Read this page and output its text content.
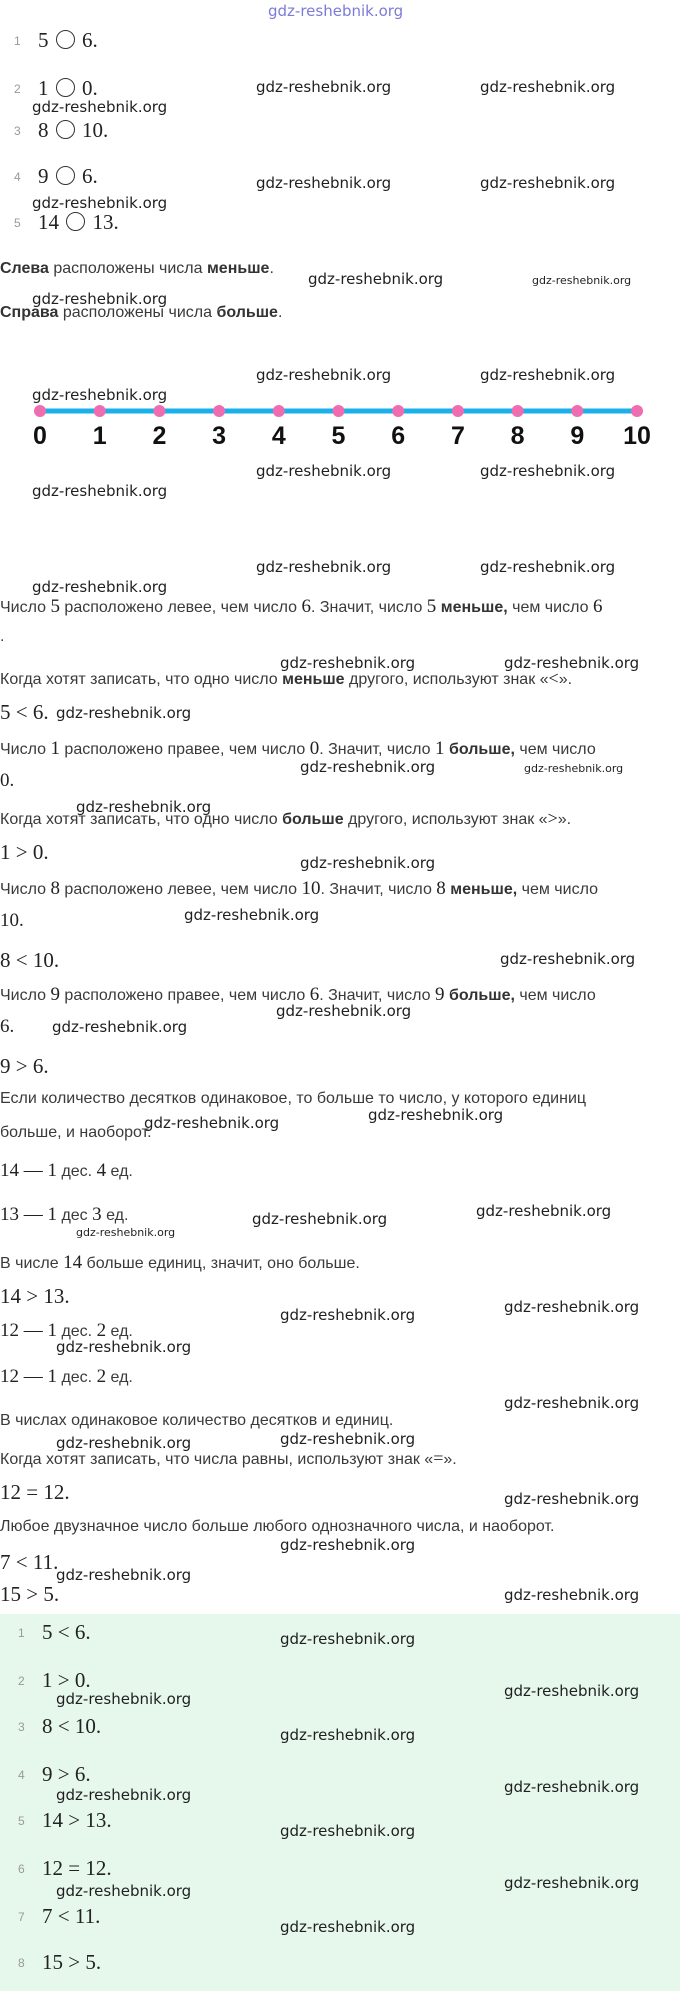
gdz-reshebnik.org
1 5 6.
2 1 0.
3 8 10.
4 9 6.
5 14 13.
Слева расположены числа меньше.
Справа расположены числа больше.
0 1 2 3 4 5 6 7 8 9 10
Число 5 расположено левее, чем число 6. Значит, число 5 меньше, чем число 6
.
Когда хотят записать, что одно число меньше другого, используют знак «<».
5 < 6.
Число 1 расположено правее, чем число 0. Значит, число 1 больше, чем число
0.
Когда хотят записать, что одно число больше другого, используют знак «>».
1 > 0.
Число 8 расположено левее, чем число 10. Значит, число 8 меньше, чем число
10.
8 < 10.
Число 9 расположено правее, чем число 6. Значит, число 9 больше, чем число
6.
9 > 6.
Если количество десятков одинаковое, то больше то число, у которого единиц
больше, и наоборот.
14 — 1 дес. 4 ед.
13 — 1 дес 3 ед.
В числе 14 больше единиц, значит, оно больше.
14 > 13.
12 — 1 дес. 2 ед.
12 — 1 дес. 2 ед.
В числах одинаковое количество десятков и единиц.
Когда хотят записать, что числа равны, используют знак «=».
12 = 12.
Любое двузначное число больше любого однозначного числа, и наоборот.
7 < 11.
15 > 5.
1 5 < 6.
2 1 > 0.
3 8 < 10.
4 9 > 6.
5 14 > 13.
6 12 = 12.
7 7 < 11.
8 15 > 5.
gdz-reshebnik.org	gdz-reshebnik.org
gdz-reshebnik.org
gdz-reshebnik.org	gdz-reshebnik.org
gdz-reshebnik.org
gdz-reshebnik.org	gdz-reshebnik.org
gdz-reshebnik.org
gdz-reshebnik.org	gdz-reshebnik.org
gdz-reshebnik.org
gdz-reshebnik.org	gdz-reshebnik.org
gdz-reshebnik.org
gdz-reshebnik.org	gdz-reshebnik.org
gdz-reshebnik.org
gdz-reshebnik.org	gdz-reshebnik.org
gdz-reshebnik.org
gdz-reshebnik.org	gdz-reshebnik.org
gdz-reshebnik.org
gdz-reshebnik.org
gdz-reshebnik.org
gdz-reshebnik.org
gdz-reshebnik.org
gdz-reshebnik.org
gdz-reshebnik.org
gdz-reshebnik.org
gdz-reshebnik.org
gdz-reshebnik.org
gdz-reshebnik.org
gdz-reshebnik.org
gdz-reshebnik.org
gdz-reshebnik.org
gdz-reshebnik.org
gdz-reshebnik.org
gdz-reshebnik.org
gdz-reshebnik.org
gdz-reshebnik.org
gdz-reshebnik.org
gdz-reshebnik.org
gdz-reshebnik.org
gdz-reshebnik.org
gdz-reshebnik.org
gdz-reshebnik.org
gdz-reshebnik.org
gdz-reshebnik.org
gdz-reshebnik.org
gdz-reshebnik.org
gdz-reshebnik.org
gdz-reshebnik.org
